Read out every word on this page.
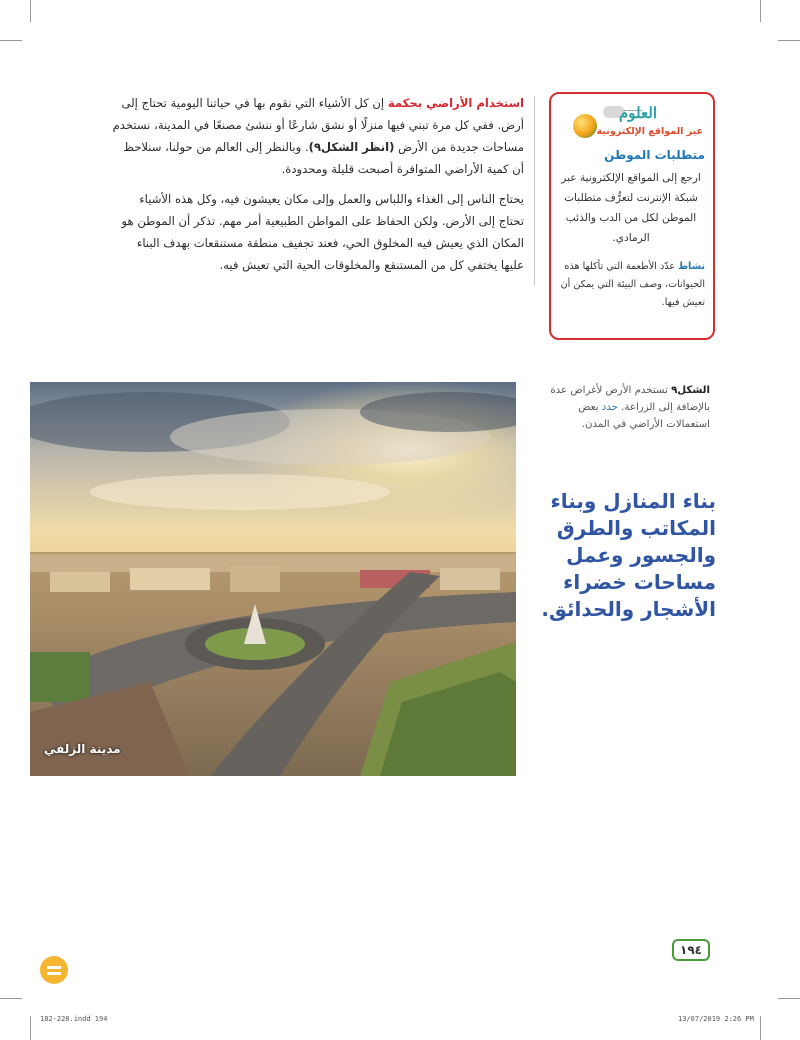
استخدام الأراضي بحكمة إن كل الأشياء التي نقوم بها في حياتنا اليومية تحتاج إلى أرض. ففي كل مرة تبني فيها منزلًا أو نشق شارعًا أو ننشئ مصنعًا في المدينة، نستخدم مساحات جديدة من الأرض (انظر الشكل٩). وبالنظر إلى العالم من حولنا، سنلاحظ أن كمية الأراضي المتوافرة أصبحت قليلة ومحدودة.

يحتاج الناس إلى الغذاء واللباس والعمل وإلى مكان يعيشون فيه، وكل هذه الأشياء تحتاج إلى الأرض. ولكن الحفاظ على المواطن الطبيعية أمر مهم. تذكر أن الموطن هو المكان الذي يعيش فيه المخلوق الحي، فعند تجفيف منطقة مستنقعات بهدف البناء عليها يختفي كل من المستنقع والمخلوقات الحية التي تعيش فيه.

العلوم
عبر المواقع الإلكترونية
متطلبات الموطن
ارجع إلى المواقع الإلكترونية عبر شبكة الإنترنت لتعرُّف متطلبات الموطن لكل من الدب والذئب الرمادي.
نشاط عدّد الأطعمة التي تأكلها هذه الحيوانات، وصف البيئة التي يمكن أن تعيش فيها.
الشكل٩ تستخدم الأرض لأغراض عدة بالإضافة إلى الزراعة. حدد بعض استعمالات الأراضي في المدن.
بناء المنازل وبناء المكاتب والطرق والجسور وعمل مساحات خضراء الأشجار والحدائق.
مدينة الزلفي
١٩٤
182-228.indd 194	13/07/2019 2:26 PM
